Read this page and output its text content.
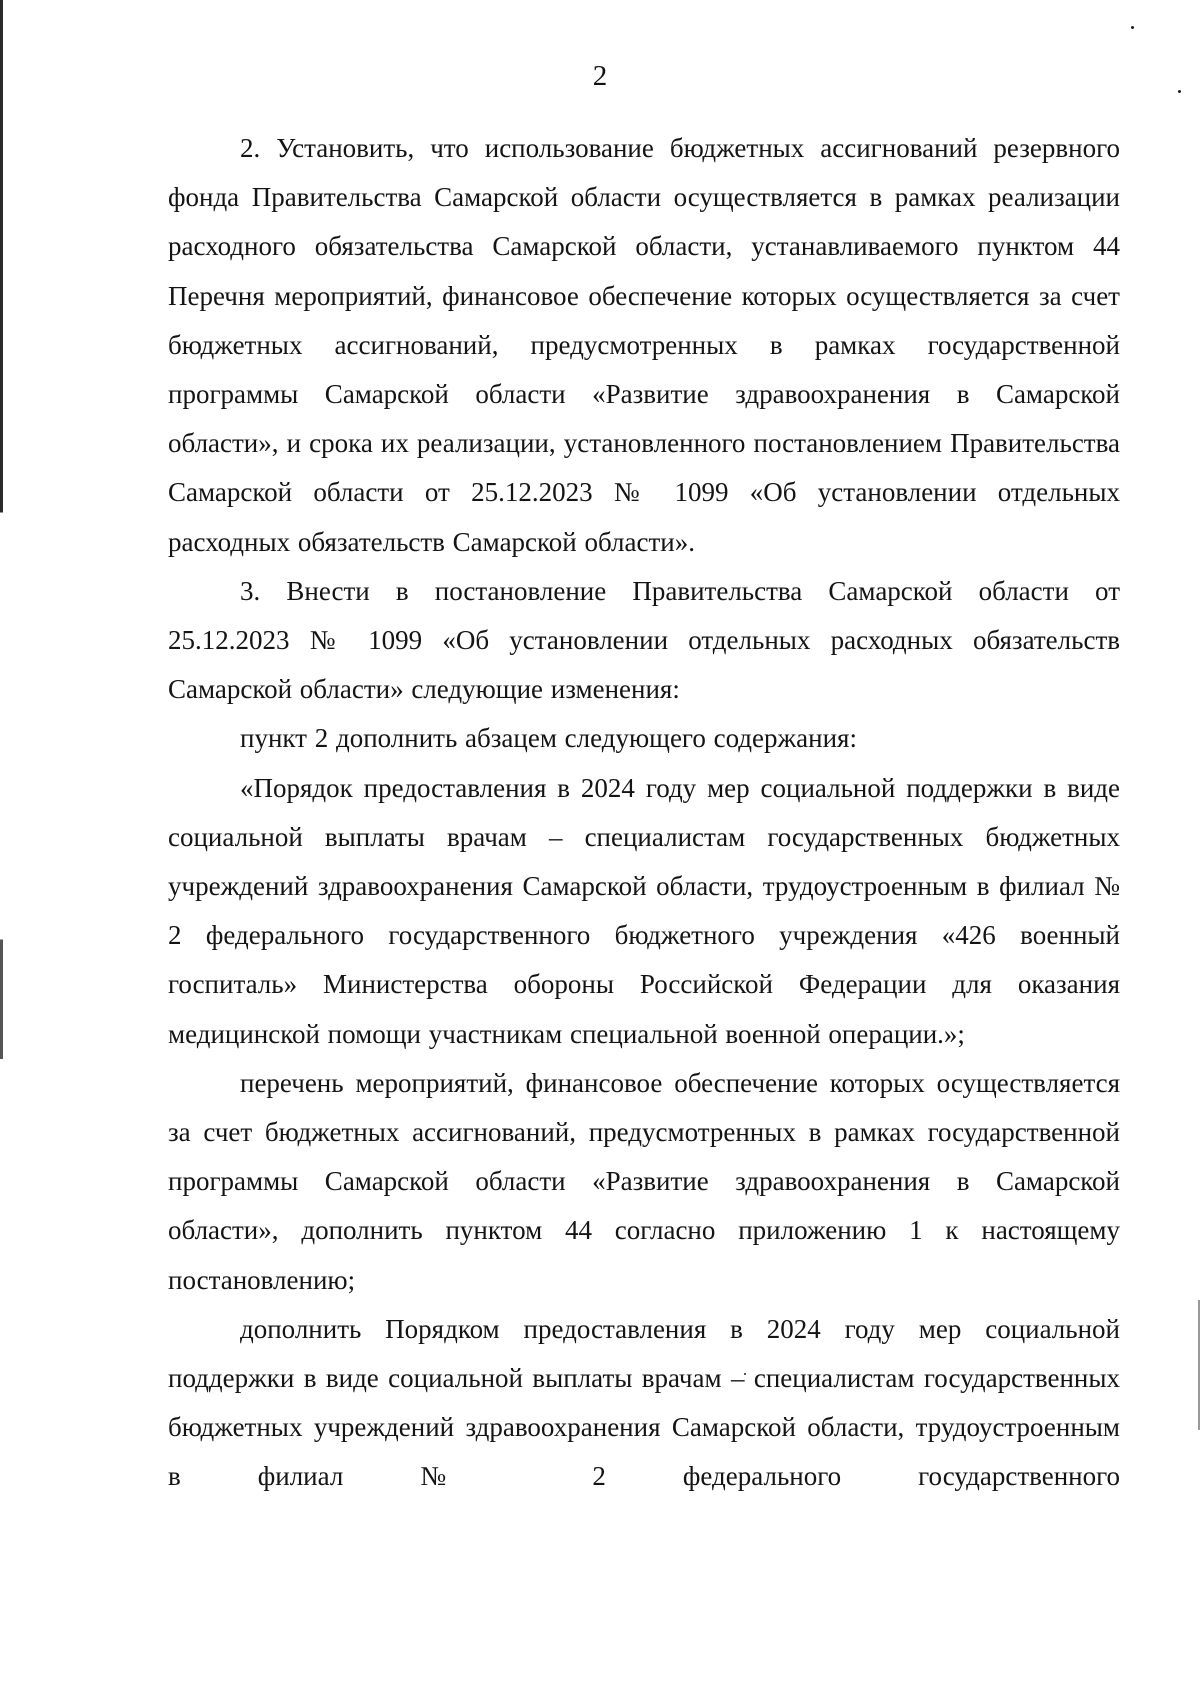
2

2. Установить, что использование бюджетных ассигнований резервного фонда Правительства Самарской области осуществляется в рамках реализации расходного обязательства Самарской области, устанавливаемого пунктом 44 Перечня мероприятий, финансовое обеспечение которых осуществляется за счет бюджетных ассигнований, предусмотренных в рамках государственной программы Самарской области «Развитие здравоохранения в Самарской области», и срока их реализации, установленного постановлением Правительства Самарской области от 25.12.2023 № 1099 «Об установлении отдельных расходных обязательств Самарской области».

3. Внести в постановление Правительства Самарской области от 25.12.2023 № 1099 «Об установлении отдельных расходных обязательств Самарской области» следующие изменения:

пункт 2 дополнить абзацем следующего содержания:

«Порядок предоставления в 2024 году мер социальной поддержки в виде социальной выплаты врачам – специалистам государственных бюджетных учреждений здравоохранения Самарской области, трудоустроенным в филиал № 2 федерального государственного бюджетного учреждения «426 военный госпиталь» Министерства обороны Российской Федерации для оказания медицинской помощи участникам специальной военной операции.»;

перечень мероприятий, финансовое обеспечение которых осуществляется за счет бюджетных ассигнований, предусмотренных в рамках государственной программы Самарской области «Развитие здравоохранения в Самарской области», дополнить пунктом 44 согласно приложению 1 к настоящему постановлению;

дополнить Порядком предоставления в 2024 году мер социальной поддержки в виде социальной выплаты врачам – специалистам государственных бюджетных учреждений здравоохранения Самарской области, трудоустроенным в филиал № 2 федерального государственного
